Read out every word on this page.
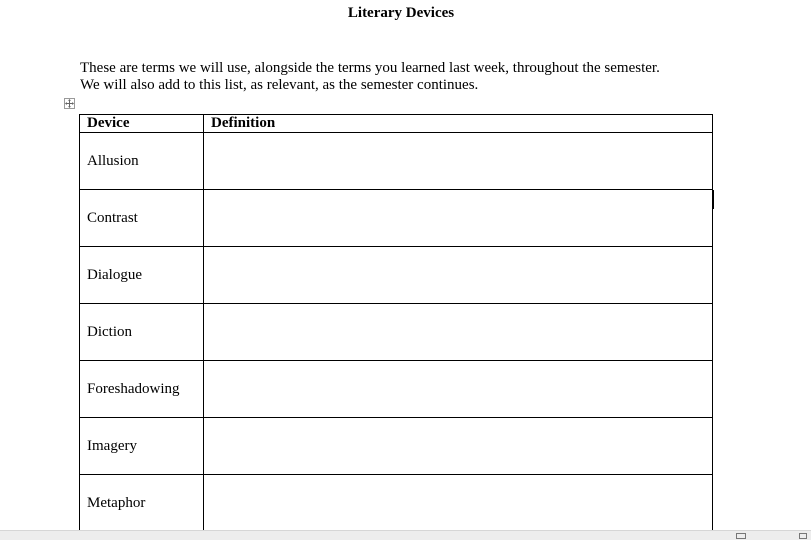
Literary Devices

These are terms we will use, alongside the terms you learned last week, throughout the semester.

We will also add to this list, as relevant, as the semester continues.

Device	Definition
Allusion	
Contrast	
Dialogue	
Diction	
Foreshadowing	
Imagery	
Metaphor	
